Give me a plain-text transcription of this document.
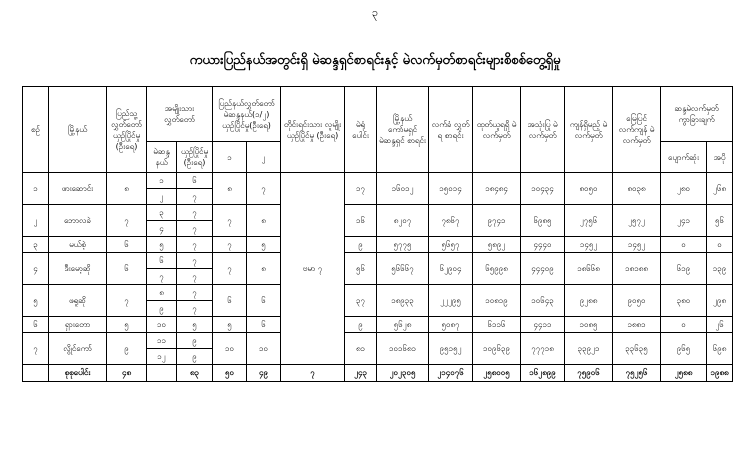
၃
ကယားပြည်နယ်အတွင်းရှိ မဲဆန္ဒရှင်စာရင်းနှင့် မဲလက်မှတ်စာရင်းများစိစစ်တွေ့ရှိမှု
စဉ်	မြို့နယ်	ပြည်သူ့ လွှတ်တော် ယှဉ်ပြိုင်မှု (ဦးရေ)	အမျိုးသား လွှတ်တော်		ပြည်နယ်လွှတ်တော် မဲဆန္ဒနယ်(၁/၂) ယှဉ်ပြိုင်မှု(ဦးရေ)		တိုင်းရင်းသား လူမျိုး ယှဉ်ပြိုင်မှု (ဦးရေ)	မဲရုံ ပေါင်း	မြို့နယ် ကော်မရှင် မဲဆန္ဒရှင် စာရင်း	လက်ခံ လွှတ်ရ စာရင်း	ထုတ်ယူရရှိ မဲလက်မှတ်	အသုံးပြု မဲလက်မှတ်	ကျန်ရှိမည့် မဲလက်မှတ်	မြေပြင် လက်ကျန် မဲလက်မှတ်	ဆန္ဒမဲလက်မှတ် ကွာခြားချက်	
			မဲဆန္ဒ နယ်	ယှဉ်ပြိုင်မှု (ဦးရေ)	၁	၂									ပျောက်ဆုံး	အပို
၁	ဖားဆောင်း	၈	၁	၆	၈	၇	ဗမာ ၇	၁၇	၁၆၀၁၂	၁၅၀၁၄	၁၈၄၈၄	၁၀၄၃၄	၈၀၅၀	၈၀၃၈	၂၈၀	၂၆၈
			၂	၇												
၂	ဘောလခဲ	၇	၃	၇	၇	၈		၁၆	၈၂၀၇	၇၈၆၇	၉၇၄၁	၆၉၈၅	၂၇၅၆	၂၅၇၂	၂၄၁	၅၆
			၄	၇												
၃	မယ်စဲ့	၆	၅	၇	၇	၅		၉	၅၇၇၅	၅၆၅၇	၅၈၉၂	၄၄၄၀	၁၄၅၂	၁၄၅၂	၀	၀
၄	ဒီးမော့ဆို	၆	၆	၇	၇	၈		၅၆	၅၆၆၆၇	၆၂၉၀၄	၆၅၉၉၈	၄၄၄၀၉	၁၈၆၆၈	၁၈၁၈၈	၆၁၉	၁၃၉
			၇	၇												
၅	ဖရူဆို	၇	၈	၇	၆	၆		၃၇	၁၈၉၃၃	၂၂၂၉၅	၁၀၈၁၉	၁၀၆၄၃	၉၂၈၈	၉၀၅၀	၃၈၀	၂၉၈
			၉	၇												
၆	ရှားတော	၅	၁၀	၅	၅	၆		၉	၅၆၂၈	၅၀၈၇	၆၁၁၆	၄၄၁၁	၁၀၈၅	၁၈၈၁	၀	၂၆
၇	လွိုင်ကော်	၉	၁၁	၉	၁၀	၁၀		၈၁	၁၀၁၆၈၁	၉၅၁၅၂	၁၀၉၆၃၉	၇၇၇၁၈	၃၃၉၂၁	၃၃၆၃၅	၉၆၅	၆၉၈
			၁၂	၉												
	စုစုပေါင်း	၄၈		၈၃	၅၀	၄၉	၇	၂၄၃	၂၀၂၃၀၅	၂၁၄၀၇၆	၂၅၈၀၀၅	၁၆၂၈၉၉	၇၅၉၀၆	၇၅၂၅၆	၂၅၈၈	၁၉၈၈
